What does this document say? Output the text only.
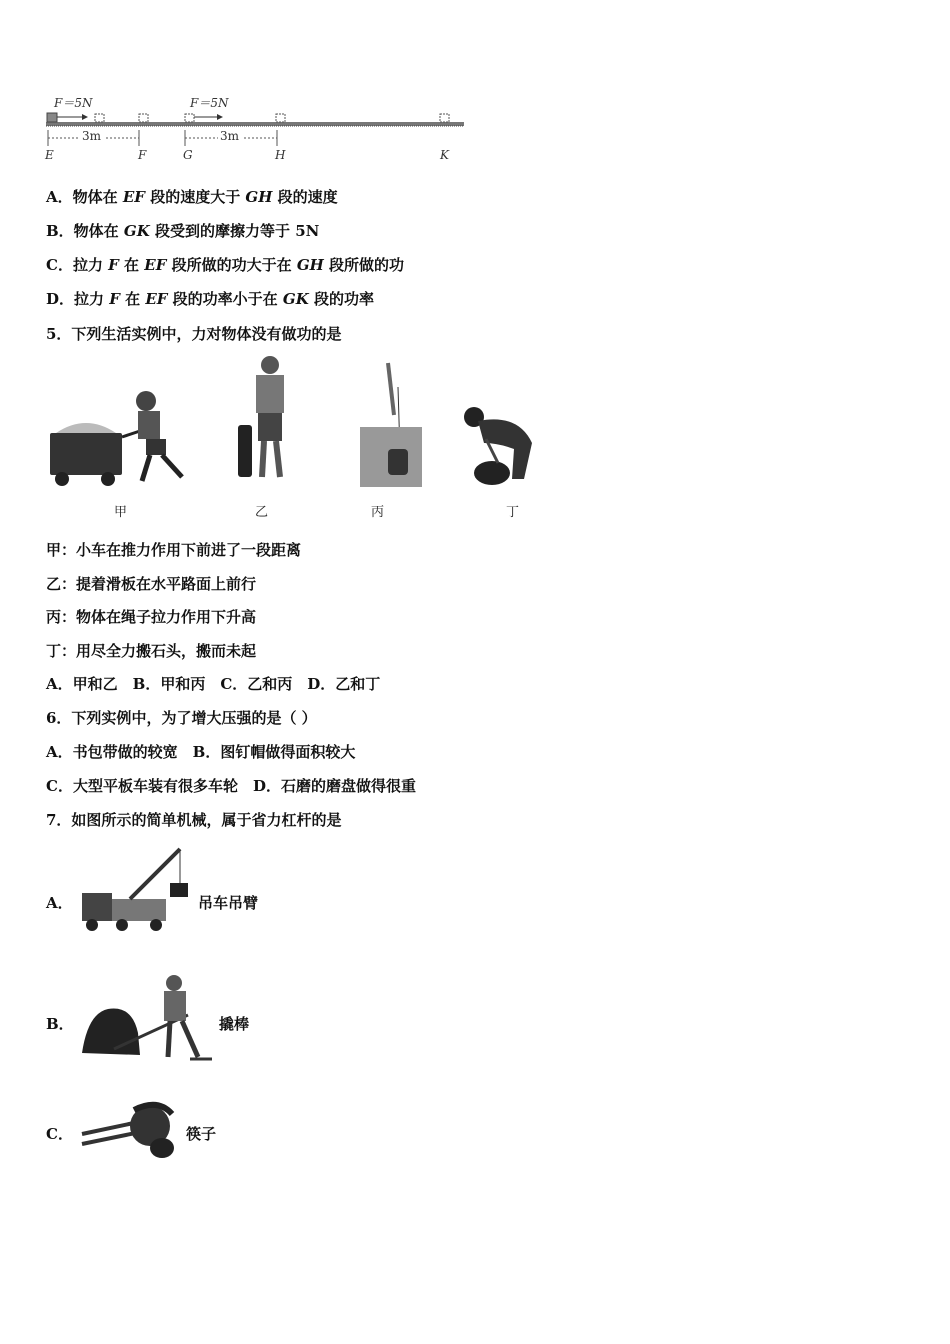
F＝5N	F＝5N
3m	3m
E	F	G	H	K
A．物体在 EF 段的速度大于 GH 段的速度
B．物体在 GK 段受到的摩擦力等于 5N
C．拉力 F 在 EF 段所做的功大于在 GH 段所做的功
D．拉力 F 在 EF 段的功率小于在 GK 段的功率
5．下列生活实例中，力对物体没有做功的是
甲	乙	丙	丁
甲：小车在推力作用下前进了一段距离
乙：提着滑板在水平路面上前行
丙：物体在绳子拉力作用下升高
丁：用尽全力搬石头，搬而未起
A．甲和乙　B．甲和丙　C．乙和丙　D．乙和丁
6．下列实例中，为了增大压强的是（ ）
A．书包带做的较宽　B．图钉帽做得面积较大
C．大型平板车装有很多车轮　D．石磨的磨盘做得很重
7．如图所示的简单机械，属于省力杠杆的是
A．	吊车吊臂
B．	撬棒
C．	筷子
